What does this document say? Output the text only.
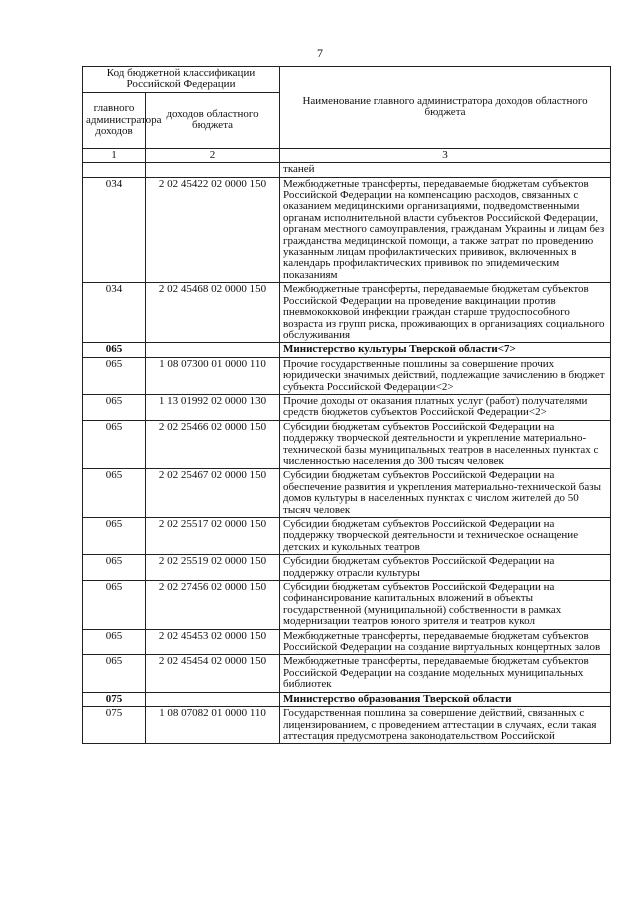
7
Код бюджетной классификации Российской Федерации		Наименование главного администратора доходов областного бюджета
главного администратора доходов	доходов областного бюджета	
1	2	3
		тканей
034	2 02 45422 02 0000 150	Межбюджетные трансферты, передаваемые бюджетам субъектов Российской Федерации на компенсацию расходов, связанных с оказанием медицинскими организациями, подведомственными органам исполнительной власти субъектов Российской Федерации, органам местного самоуправления, гражданам Украины и лицам без гражданства медицинской помощи, а также затрат по проведению указанным лицам профилактических прививок, включенных в календарь профилактических прививок по эпидемическим показаниям
034	2 02 45468 02 0000 150	Межбюджетные трансферты, передаваемые бюджетам субъектов Российской Федерации на проведение вакцинации против пневмококковой инфекции граждан старше трудоспособного возраста из групп риска, проживающих в организациях социального обслуживания
065		Министерство культуры Тверской области<7>
065	1 08 07300 01 0000 110	Прочие государственные пошлины за совершение прочих юридически значимых действий, подлежащие зачислению в бюджет субъекта Российской Федерации<2>
065	1 13 01992 02 0000 130	Прочие доходы от оказания платных услуг (работ) получателями средств бюджетов субъектов Российской Федерации<2>
065	2 02 25466 02 0000 150	Субсидии бюджетам субъектов Российской Федерации на поддержку творческой деятельности и укрепление материально-технической базы муниципальных театров в населенных пунктах с численностью населения до 300 тысяч человек
065	2 02 25467 02 0000 150	Субсидии бюджетам субъектов Российской Федерации на обеспечение развития и укрепления материально-технической базы домов культуры в населенных пунктах с числом жителей до 50 тысяч человек
065	2 02 25517 02 0000 150	Субсидии бюджетам субъектов Российской Федерации на поддержку творческой деятельности и техническое оснащение детских и кукольных театров
065	2 02 25519 02 0000 150	Субсидии бюджетам субъектов Российской Федерации на поддержку отрасли культуры
065	2 02 27456 02 0000 150	Субсидии бюджетам субъектов Российской Федерации на софинансирование капитальных вложений в объекты государственной (муниципальной) собственности в рамках модернизации театров юного зрителя и театров кукол
065	2 02 45453 02 0000 150	Межбюджетные трансферты, передаваемые бюджетам субъектов Российской Федерации на создание виртуальных концертных залов
065	2 02 45454 02 0000 150	Межбюджетные трансферты, передаваемые бюджетам субъектов Российской Федерации на создание модельных муниципальных библиотек
075		Министерство образования Тверской области
075	1 08 07082 01 0000 110	Государственная пошлина за совершение действий, связанных с лицензированием, с проведением аттестации в случаях, если такая аттестация предусмотрена законодательством Российской
